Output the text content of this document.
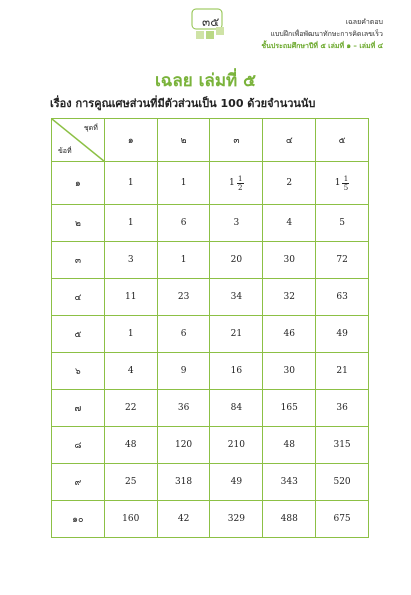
๓๕	เฉลยคำตอบ
แบบฝึกเพื่อพัฒนาทักษะการคิดเลขเร็ว
ชั้นประถมศึกษาปีที่ ๕ เล่มที่ ๑ – เล่มที่ ๔
เฉลย เล่มที่ ๕
เรื่อง การคูณเศษส่วนที่มีตัวส่วนเป็น 100 ด้วยจำนวนนับ
ชุดที่
ข้อที่	๑	๒	๓	๔	๕
๑	1	1	$1 \frac{1}{2}$	2	$1 \frac{1}{5}$

๒	1	6	3	4	5
๓	3	1	20	30	72
๔	11	23	34	32	63
๕	1	6	21	46	49
๖	4	9	16	30	21
๗	22	36	84	165	36
๘	48	120	210	48	315
๙	25	318	49	343	520
๑๐	160	42	329	488	675
